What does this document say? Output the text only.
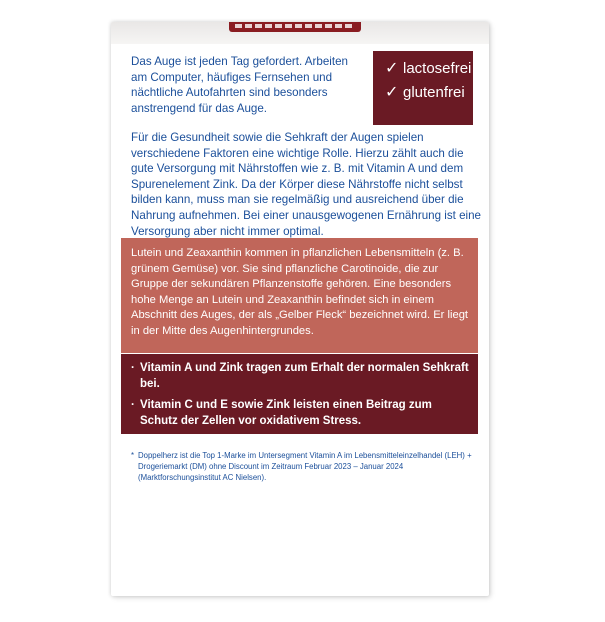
✓ lactosefrei
✓ glutenfrei

Das Auge ist jeden Tag gefordert. Arbeiten am Computer, häufiges Fernsehen und nächtliche Autofahrten sind besonders anstrengend für das Auge.

Für die Gesundheit sowie die Sehkraft der Augen spielen verschiedene Faktoren eine wichtige Rolle. Hierzu zählt auch die gute Versorgung mit Nährstoffen wie z. B. mit Vitamin A und dem Spurenelement Zink. Da der Körper diese Nährstoffe nicht selbst bilden kann, muss man sie regelmäßig und ausreichend über die Nahrung aufnehmen. Bei einer unausgewogenen Ernährung ist eine Versorgung aber nicht immer optimal.

Lutein und Zeaxanthin kommen in pflanzlichen Lebensmitteln (z. B. grünem Gemüse) vor. Sie sind pflanzliche Carotinoide, die zur Gruppe der sekundären Pflanzenstoffe gehören. Eine besonders hohe Menge an Lutein und Zeaxanthin befindet sich in einem Abschnitt des Auges, der als „Gelber Fleck“ bezeichnet wird. Er liegt in der Mitte des Augenhintergrundes.
· Vitamin A und Zink tragen zum Erhalt der normalen Sehkraft bei.
· Vitamin C und E sowie Zink leisten einen Beitrag zum Schutz der Zellen vor oxidativem Stress.
* Doppelherz ist die Top 1-Marke im Untersegment Vitamin A im Lebensmitteleinzelhandel (LEH) + Drogeriemarkt (DM) ohne Discount im Zeitraum Februar 2023 – Januar 2024 (Marktforschungsinstitut AC Nielsen).
